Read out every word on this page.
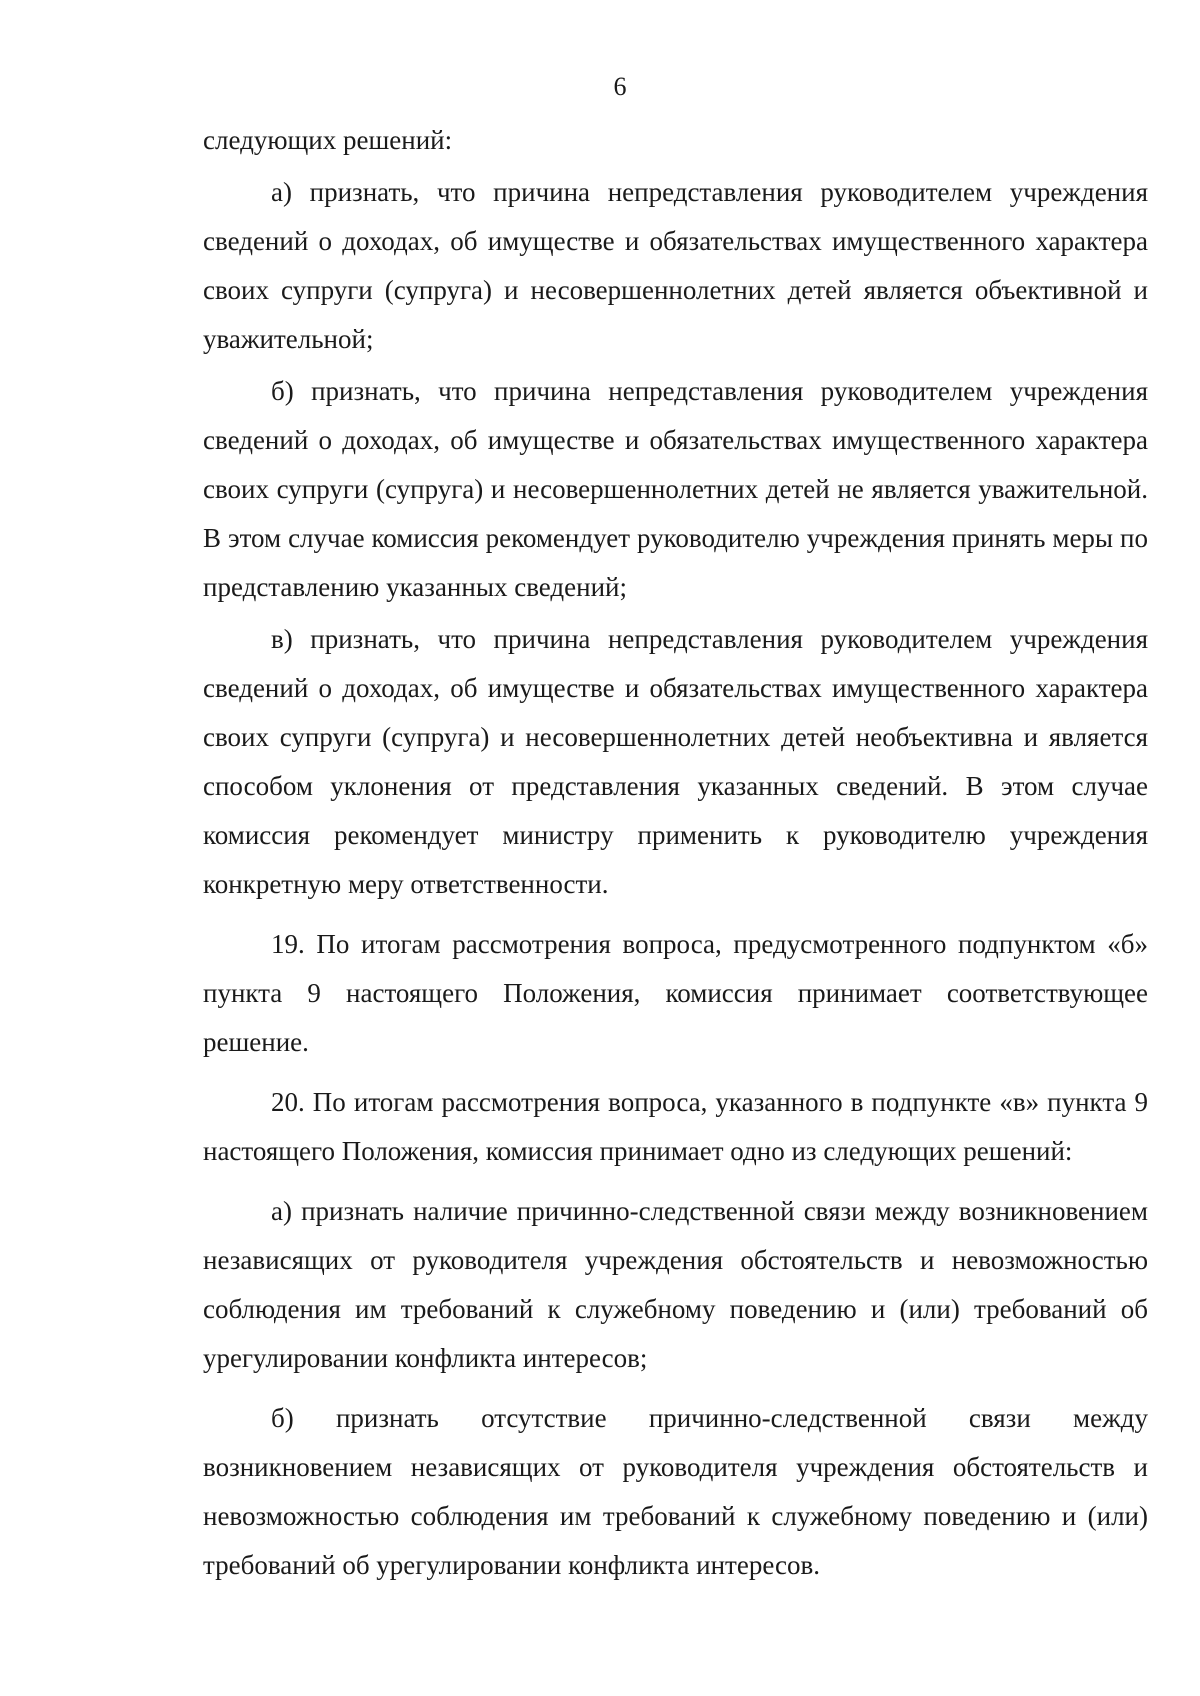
6

следующих решений:

а) признать, что причина непредставления руководителем учреждения сведений о доходах, об имуществе и обязательствах имущественного характера своих супруги (супруга) и несовершеннолетних детей является объективной и уважительной;

б) признать, что причина непредставления руководителем учреждения сведений о доходах, об имуществе и обязательствах имущественного характера своих супруги (супруга) и несовершеннолетних детей не является уважительной. В этом случае комиссия рекомендует руководителю учреждения принять меры по представлению указанных сведений;

в) признать, что причина непредставления руководителем учреждения сведений о доходах, об имуществе и обязательствах имущественного характера своих супруги (супруга) и несовершеннолетних детей необъективна и является способом уклонения от представления указанных сведений. В этом случае комиссия рекомендует министру применить к руководителю учреждения конкретную меру ответственности.

19. По итогам рассмотрения вопроса, предусмотренного подпунктом «б» пункта 9 настоящего Положения, комиссия принимает соответствующее решение.

20. По итогам рассмотрения вопроса, указанного в подпункте «в» пункта 9 настоящего Положения, комиссия принимает одно из следующих решений:

а) признать наличие причинно-следственной связи между возникновением независящих от руководителя учреждения обстоятельств и невозможностью соблюдения им требований к служебному поведению и (или) требований об урегулировании конфликта интересов;

б) признать отсутствие причинно-следственной связи между возникновением независящих от руководителя учреждения обстоятельств и невозможностью соблюдения им требований к служебному поведению и (или) требований об урегулировании конфликта интересов.
